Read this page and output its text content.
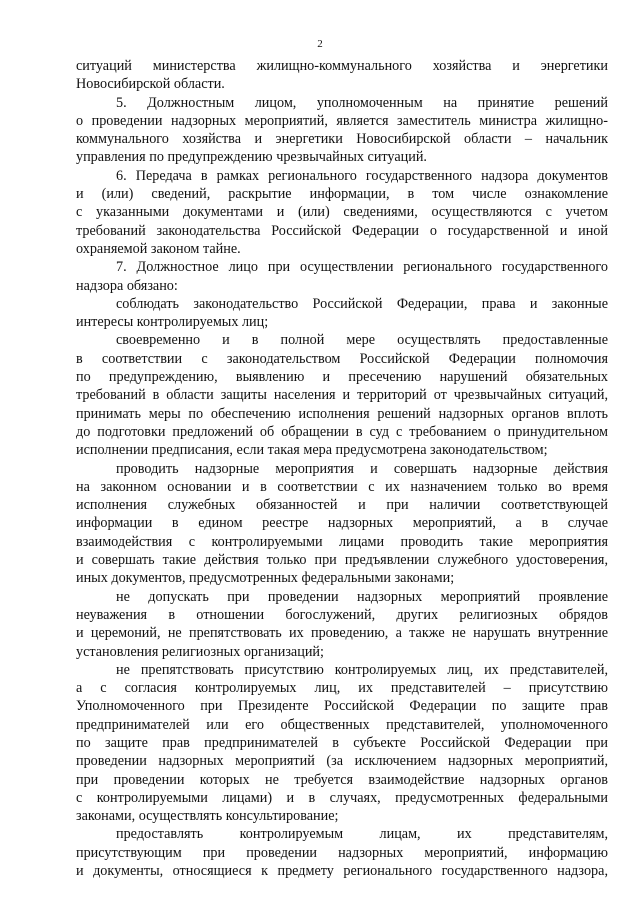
2
ситуаций министерства жилищно-коммунального хозяйства и энергетики
Новосибирской области.
5. Должностным лицом, уполномоченным на принятие решений
о проведении надзорных мероприятий, является заместитель министра жилищно-
коммунального хозяйства и энергетики Новосибирской области – начальник
управления по предупреждению чрезвычайных ситуаций.
6. Передача в рамках регионального государственного надзора документов
и (или) сведений, раскрытие информации, в том числе ознакомление
с указанными документами и (или) сведениями, осуществляются с учетом
требований законодательства Российской Федерации о государственной и иной
охраняемой законом тайне.
7. Должностное лицо при осуществлении регионального государственного
надзора обязано:
соблюдать законодательство Российской Федерации, права и законные
интересы контролируемых лиц;
своевременно и в полной мере осуществлять предоставленные
в соответствии с законодательством Российской Федерации полномочия
по предупреждению, выявлению и пресечению нарушений обязательных
требований в области защиты населения и территорий от чрезвычайных ситуаций,
принимать меры по обеспечению исполнения решений надзорных органов вплоть
до подготовки предложений об обращении в суд с требованием о принудительном
исполнении предписания, если такая мера предусмотрена законодательством;
проводить надзорные мероприятия и совершать надзорные действия
на законном основании и в соответствии с их назначением только во время
исполнения служебных обязанностей и при наличии соответствующей
информации в едином реестре надзорных мероприятий, а в случае
взаимодействия с контролируемыми лицами проводить такие мероприятия
и совершать такие действия только при предъявлении служебного удостоверения,
иных документов, предусмотренных федеральными законами;
не допускать при проведении надзорных мероприятий проявление
неуважения в отношении богослужений, других религиозных обрядов
и церемоний, не препятствовать их проведению, а также не нарушать внутренние
установления религиозных организаций;
не препятствовать присутствию контролируемых лиц, их представителей,
а с согласия контролируемых лиц, их представителей – присутствию
Уполномоченного при Президенте Российской Федерации по защите прав
предпринимателей или его общественных представителей, уполномоченного
по защите прав предпринимателей в субъекте Российской Федерации при
проведении надзорных мероприятий (за исключением надзорных мероприятий,
при проведении которых не требуется взаимодействие надзорных органов
с контролируемыми лицами) и в случаях, предусмотренных федеральными
законами, осуществлять консультирование;
предоставлять контролируемым лицам, их представителям,
присутствующим при проведении надзорных мероприятий, информацию
и документы, относящиеся к предмету регионального государственного надзора,
